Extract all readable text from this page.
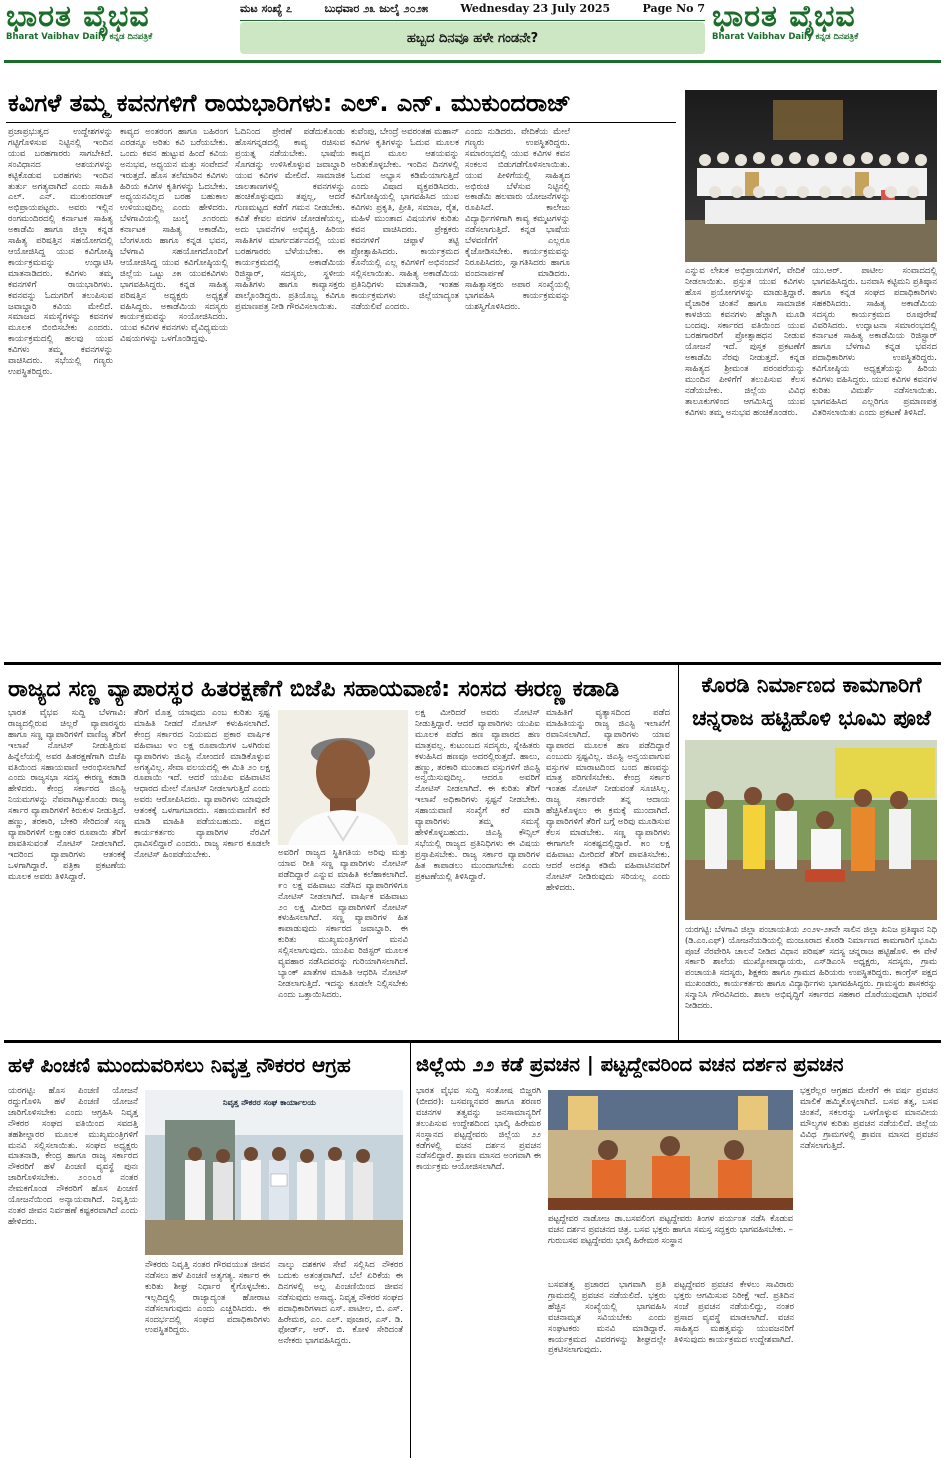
ಭಾರತ ವೈಭವ
Bharat Vaibhav Daily ಕನ್ನಡ ದಿನಪತ್ರಿಕೆ
ಭಾರತ ವೈಭವ
Bharat Vaibhav Daily ಕನ್ನಡ ದಿನಪತ್ರಿಕೆ
ಮಟ ಸಂಖ್ಯೆ ೭	ಬುಧವಾರ ೨೩ ಜುಲೈ ೨೦೨೫	Wednesday 23 July 2025	Page No 7
ಹಬ್ಬದ ದಿನವೂ ಹಳೇ ಗಂಡನೇ?
ಕವಿಗಳೆ ತಮ್ಮ ಕವನಗಳಿಗೆ ರಾಯಭಾರಿಗಳು: ಎಲ್. ಎನ್. ಮುಕುಂದರಾಜ್
ಪ್ರಜಾಪ್ರಭುತ್ವದ ಉದ್ದೇಶಗಳನ್ನು ಗಟ್ಟಿಗೊಳಿಸುವ ನಿಟ್ಟಿನಲ್ಲಿ ಇಂದಿನ ಯುವ ಬರಹಗಾರರು ಸಾಗಬೇಕಿದೆ. ಸಂವಿಧಾನದ ಆಶಯಗಳನ್ನು ಕಟ್ಟಿಕೊಡುವ ಬರಹಗಳು ಇಂದಿನ ತುರ್ತು ಅಗತ್ಯವಾಗಿದೆ ಎಂದು ಸಾಹಿತಿ ಎಲ್. ಎನ್. ಮುಕುಂದರಾಜ್ ಅಭಿಪ್ರಾಯಪಟ್ಟರು. ಅವರು ಇಲ್ಲಿನ ರಂಗಮಂದಿರದಲ್ಲಿ ಕರ್ನಾಟಕ ಸಾಹಿತ್ಯ ಅಕಾಡೆಮಿ ಹಾಗೂ ಜಿಲ್ಲಾ ಕನ್ನಡ ಸಾಹಿತ್ಯ ಪರಿಷತ್ತಿನ ಸಹಯೋಗದಲ್ಲಿ ಆಯೋಜಿಸಿದ್ದ ಯುವ ಕವಿಗೋಷ್ಠಿ ಕಾರ್ಯಕ್ರಮವನ್ನು ಉದ್ಘಾಟಿಸಿ ಮಾತನಾಡಿದರು. ಕವಿಗಳು ತಮ್ಮ ಕವನಗಳಿಗೆ ರಾಯಭಾರಿಗಳು. ಕವನವನ್ನು ಓದುಗರಿಗೆ ತಲುಪಿಸುವ ಜವಾಬ್ದಾರಿ ಕವಿಯ ಮೇಲಿದೆ. ಸಮಾಜದ ಸಮಸ್ಯೆಗಳನ್ನು ಕವನಗಳ ಮೂಲಕ ಬಿಂಬಿಸಬೇಕು ಎಂದರು. ಕಾರ್ಯಕ್ರಮದಲ್ಲಿ ಹಲವು ಯುವ ಕವಿಗಳು ತಮ್ಮ ಕವನಗಳನ್ನು ವಾಚಿಸಿದರು. ಸಭೆಯಲ್ಲಿ ಗಣ್ಯರು ಉಪಸ್ಥಿತರಿದ್ದರು.
ಕಾವ್ಯದ ಅಂತರಂಗ ಹಾಗೂ ಬಹಿರಂಗ ಎರಡನ್ನೂ ಅರಿತು ಕವಿ ಬರೆಯಬೇಕು. ಒಂದು ಕವನ ಹುಟ್ಟುವ ಹಿಂದೆ ಕವಿಯ ಅನುಭವ, ಅಧ್ಯಯನ ಮತ್ತು ಸಂವೇದನೆ ಇರುತ್ತದೆ. ಹೊಸ ತಲೆಮಾರಿನ ಕವಿಗಳು ಹಿರಿಯ ಕವಿಗಳ ಕೃತಿಗಳನ್ನು ಓದಬೇಕು. ಅಧ್ಯಯನವಿಲ್ಲದ ಬರಹ ಬಹುಕಾಲ ಉಳಿಯುವುದಿಲ್ಲ ಎಂದು ಹೇಳಿದರು. ಬೆಳಗಾವಿಯಲ್ಲಿ ಜುಲೈ ೨೧ರಂದು ಕರ್ನಾಟಕ ಸಾಹಿತ್ಯ ಅಕಾಡೆಮಿ, ಬೆಂಗಳೂರು ಹಾಗೂ ಕನ್ನಡ ಭವನ, ಬೆಳಗಾವಿ ಸಹಯೋಗದೊಂದಿಗೆ ಆಯೋಜಿಸಿದ್ದ ಯುವ ಕವಿಗೋಷ್ಠಿಯಲ್ಲಿ ಜಿಲ್ಲೆಯ ಒಟ್ಟು ೨೫ ಯುವಕವಿಗಳು ಭಾಗವಹಿಸಿದ್ದರು. ಕನ್ನಡ ಸಾಹಿತ್ಯ ಪರಿಷತ್ತಿನ ಅಧ್ಯಕ್ಷರು ಅಧ್ಯಕ್ಷತೆ ವಹಿಸಿದ್ದರು. ಅಕಾಡೆಮಿಯ ಸದಸ್ಯರು ಕಾರ್ಯಕ್ರಮವನ್ನು ಸಂಯೋಜಿಸಿದರು. ಯುವ ಕವಿಗಳ ಕವನಗಳು ವೈವಿಧ್ಯಮಯ ವಿಷಯಗಳನ್ನು ಒಳಗೊಂಡಿದ್ದವು.
ಓದಿನಿಂದ ಪ್ರೇರಣೆ ಪಡೆದುಕೊಂಡು ಹೊಸಗನ್ನಡದಲ್ಲಿ ಕಾವ್ಯ ರಚಿಸುವ ಪ್ರಯತ್ನ ನಡೆಯಬೇಕು. ಭಾಷೆಯ ಸೊಗಡನ್ನು ಉಳಿಸಿಕೊಳ್ಳುವ ಜವಾಬ್ದಾರಿ ಯುವ ಕವಿಗಳ ಮೇಲಿದೆ. ಸಾಮಾಜಿಕ ಜಾಲತಾಣಗಳಲ್ಲಿ ಕವನಗಳನ್ನು ಹಂಚಿಕೊಳ್ಳುವುದು ತಪ್ಪಲ್ಲ, ಆದರೆ ಗುಣಮಟ್ಟದ ಕಡೆಗೆ ಗಮನ ನೀಡಬೇಕು. ಕವಿತೆ ಕೇವಲ ಪದಗಳ ಜೋಡಣೆಯಲ್ಲ, ಅದು ಭಾವನೆಗಳ ಅಭಿವ್ಯಕ್ತಿ. ಹಿರಿಯ ಸಾಹಿತಿಗಳ ಮಾರ್ಗದರ್ಶನದಲ್ಲಿ ಯುವ ಬರಹಗಾರರು ಬೆಳೆಯಬೇಕು. ಈ ಕಾರ್ಯಕ್ರಮದಲ್ಲಿ ಅಕಾಡೆಮಿಯ ರಿಜಿಸ್ಟ್ರಾರ್, ಸದಸ್ಯರು, ಸ್ಥಳೀಯ ಸಾಹಿತಿಗಳು ಹಾಗೂ ಕಾವ್ಯಾಸಕ್ತರು ಪಾಲ್ಗೊಂಡಿದ್ದರು. ಪ್ರತಿಯೊಬ್ಬ ಕವಿಗೂ ಪ್ರಮಾಣಪತ್ರ ನೀಡಿ ಗೌರವಿಸಲಾಯಿತು.
ಕುವೆಂಪು, ಬೇಂದ್ರೆ ಅವರಂತಹ ಮಹಾನ್ ಕವಿಗಳ ಕೃತಿಗಳನ್ನು ಓದುವ ಮೂಲಕ ಕಾವ್ಯದ ಮೂಲ ಆಶಯವನ್ನು ಅರಿತುಕೊಳ್ಳಬೇಕು. ಇಂದಿನ ದಿನಗಳಲ್ಲಿ ಓದುವ ಅಭ್ಯಾಸ ಕಡಿಮೆಯಾಗುತ್ತಿದೆ ಎಂದು ವಿಷಾದ ವ್ಯಕ್ತಪಡಿಸಿದರು. ಕವಿಗೋಷ್ಠಿಯಲ್ಲಿ ಭಾಗವಹಿಸಿದ ಯುವ ಕವಿಗಳು ಪ್ರಕೃತಿ, ಪ್ರೀತಿ, ಸಮಾಜ, ರೈತ, ಮಹಿಳೆ ಮುಂತಾದ ವಿಷಯಗಳ ಕುರಿತು ಕವನ ವಾಚಿಸಿದರು. ಪ್ರೇಕ್ಷಕರು ಕವನಗಳಿಗೆ ಚಪ್ಪಾಳೆ ತಟ್ಟಿ ಪ್ರೋತ್ಸಾಹಿಸಿದರು. ಕಾರ್ಯಕ್ರಮದ ಕೊನೆಯಲ್ಲಿ ಎಲ್ಲ ಕವಿಗಳಿಗೆ ಅಭಿನಂದನೆ ಸಲ್ಲಿಸಲಾಯಿತು. ಸಾಹಿತ್ಯ ಅಕಾಡೆಮಿಯ ಪ್ರತಿನಿಧಿಗಳು ಮಾತನಾಡಿ, ಇಂತಹ ಕಾರ್ಯಕ್ರಮಗಳು ಜಿಲ್ಲೆಯಾದ್ಯಂತ ನಡೆಯಲಿವೆ ಎಂದರು.
ಎಂದು ನುಡಿದರು. ವೇದಿಕೆಯ ಮೇಲೆ ಗಣ್ಯರು ಉಪಸ್ಥಿತರಿದ್ದರು. ಸಮಾರಂಭದಲ್ಲಿ ಯುವ ಕವಿಗಳ ಕವನ ಸಂಕಲನ ಬಿಡುಗಡೆಗೊಳಿಸಲಾಯಿತು. ಯುವ ಪೀಳಿಗೆಯಲ್ಲಿ ಸಾಹಿತ್ಯದ ಅಭಿರುಚಿ ಬೆಳೆಸುವ ನಿಟ್ಟಿನಲ್ಲಿ ಅಕಾಡೆಮಿ ಹಲವಾರು ಯೋಜನೆಗಳನ್ನು ರೂಪಿಸಿದೆ. ಕಾಲೇಜು ವಿದ್ಯಾರ್ಥಿಗಳಿಗಾಗಿ ಕಾವ್ಯ ಕಮ್ಮಟಗಳನ್ನು ನಡೆಸಲಾಗುತ್ತಿದೆ. ಕನ್ನಡ ಭಾಷೆಯ ಬೆಳವಣಿಗೆಗೆ ಎಲ್ಲರೂ ಕೈಜೋಡಿಸಬೇಕು. ಕಾರ್ಯಕ್ರಮವನ್ನು ನಿರೂಪಿಸಿದರು, ಸ್ವಾಗತಿಸಿದರು ಹಾಗೂ ವಂದನಾರ್ಪಣೆ ಮಾಡಿದರು. ಸಾಹಿತ್ಯಾಸಕ್ತರು ಅಪಾರ ಸಂಖ್ಯೆಯಲ್ಲಿ ಭಾಗವಹಿಸಿ ಕಾರ್ಯಕ್ರಮವನ್ನು ಯಶಸ್ವಿಗೊಳಿಸಿದರು.
ಎನ್ನುವ ಲೇಖಕ ಅಭಿಪ್ರಾಯಗಳಿಗೆ, ವೇದಿಕೆ ನೀಡಲಾಯಿತು. ಪ್ರಸ್ತುತ ಯುವ ಕವಿಗಳು ಹೊಸ ಪ್ರಯೋಗಗಳನ್ನು ಮಾಡುತ್ತಿದ್ದಾರೆ. ವೈಚಾರಿಕ ಚಿಂತನೆ ಹಾಗೂ ಸಾಮಾಜಿಕ ಕಾಳಜಿಯ ಕವನಗಳು ಹೆಚ್ಚಾಗಿ ಮೂಡಿ ಬಂದವು. ಸರ್ಕಾರದ ವತಿಯಿಂದ ಯುವ ಬರಹಗಾರರಿಗೆ ಪ್ರೋತ್ಸಾಹಧನ ನೀಡುವ ಯೋಜನೆ ಇದೆ. ಪುಸ್ತಕ ಪ್ರಕಟಣೆಗೆ ಅಕಾಡೆಮಿ ನೆರವು ನೀಡುತ್ತದೆ. ಕನ್ನಡ ಸಾಹಿತ್ಯದ ಶ್ರೀಮಂತ ಪರಂಪರೆಯನ್ನು ಮುಂದಿನ ಪೀಳಿಗೆಗೆ ತಲುಪಿಸುವ ಕೆಲಸ ನಡೆಯಬೇಕು. ಜಿಲ್ಲೆಯ ವಿವಿಧ ತಾಲೂಕುಗಳಿಂದ ಆಗಮಿಸಿದ್ದ ಯುವ ಕವಿಗಳು ತಮ್ಮ ಅನುಭವ ಹಂಚಿಕೊಂಡರು.
ಯು.ಆರ್. ಪಾಟೀಲ ಸಂವಾದದಲ್ಲಿ ಭಾಗವಹಿಸಿದ್ದರು. ಬನವಾಸಿ ಕಟ್ಟಿಮನಿ ಪ್ರತಿಷ್ಠಾನ ಹಾಗೂ ಕನ್ನಡ ಸಂಘದ ಪದಾಧಿಕಾರಿಗಳು ಸಹಕರಿಸಿದರು. ಸಾಹಿತ್ಯ ಅಕಾಡೆಮಿಯ ಸದಸ್ಯರು ಕಾರ್ಯಕ್ರಮದ ರೂಪುರೇಷೆ ವಿವರಿಸಿದರು. ಉದ್ಘಾಟನಾ ಸಮಾರಂಭದಲ್ಲಿ ಕರ್ನಾಟಕ ಸಾಹಿತ್ಯ ಅಕಾಡೆಮಿಯ ರಿಜಿಸ್ಟ್ರಾರ್ ಹಾಗೂ ಬೆಳಗಾವಿ ಕನ್ನಡ ಭವನದ ಪದಾಧಿಕಾರಿಗಳು ಉಪಸ್ಥಿತರಿದ್ದರು. ಕವಿಗೋಷ್ಠಿಯ ಅಧ್ಯಕ್ಷತೆಯನ್ನು ಹಿರಿಯ ಕವಿಗಳು ವಹಿಸಿದ್ದರು. ಯುವ ಕವಿಗಳ ಕವನಗಳ ಕುರಿತು ವಿಮರ್ಶೆ ನಡೆಸಲಾಯಿತು. ಭಾಗವಹಿಸಿದ ಎಲ್ಲರಿಗೂ ಪ್ರಮಾಣಪತ್ರ ವಿತರಿಸಲಾಯಿತು ಎಂದು ಪ್ರಕಟಣೆ ತಿಳಿಸಿದೆ.
ರಾಜ್ಯದ ಸಣ್ಣ ವ್ಯಾಪಾರಸ್ಥರ ಹಿತರಕ್ಷಣೆಗೆ ಬಿಜೆಪಿ ಸಹಾಯವಾಣಿ: ಸಂಸದ ಈರಣ್ಣ ಕಡಾಡಿ
ಭಾರತ ವೈಭವ ಸುದ್ದಿ ಬೆಳಗಾವಿ: ರಾಜ್ಯದಲ್ಲಿರುವ ಚಿಲ್ಲರೆ ವ್ಯಾಪಾರಸ್ಥರು ಹಾಗೂ ಸಣ್ಣ ವ್ಯಾಪಾರಿಗಳಿಗೆ ವಾಣಿಜ್ಯ ತೆರಿಗೆ ಇಲಾಖೆ ನೋಟಿಸ್ ನೀಡುತ್ತಿರುವ ಹಿನ್ನೆಲೆಯಲ್ಲಿ ಅವರ ಹಿತರಕ್ಷಣೆಗಾಗಿ ಬಿಜೆಪಿ ವತಿಯಿಂದ ಸಹಾಯವಾಣಿ ಆರಂಭಿಸಲಾಗಿದೆ ಎಂದು ರಾಜ್ಯಸಭಾ ಸದಸ್ಯ ಈರಣ್ಣ ಕಡಾಡಿ ಹೇಳಿದರು. ಕೇಂದ್ರ ಸರ್ಕಾರದ ಜಿಎಸ್ಟಿ ನಿಯಮಗಳನ್ನು ನೆಪವಾಗಿಟ್ಟುಕೊಂಡು ರಾಜ್ಯ ಸರ್ಕಾರ ವ್ಯಾಪಾರಿಗಳಿಗೆ ಕಿರುಕುಳ ನೀಡುತ್ತಿದೆ. ಹಣ್ಣು, ತರಕಾರಿ, ಬೇಕರಿ ಸೇರಿದಂತೆ ಸಣ್ಣ ವ್ಯಾಪಾರಿಗಳಿಗೆ ಲಕ್ಷಾಂತರ ರೂಪಾಯಿ ತೆರಿಗೆ ಪಾವತಿಸುವಂತೆ ನೋಟಿಸ್ ನೀಡಲಾಗಿದೆ. ಇದರಿಂದ ವ್ಯಾಪಾರಿಗಳು ಆತಂಕಕ್ಕೆ ಒಳಗಾಗಿದ್ದಾರೆ. ಪತ್ರಿಕಾ ಪ್ರಕಟಣೆಯ ಮೂಲಕ ಅವರು ತಿಳಿಸಿದ್ದಾರೆ.
ತೆರಿಗೆ ಮೊತ್ತ ಯಾವುದು ಎಂಬ ಕುರಿತು ಸ್ಪಷ್ಟ ಮಾಹಿತಿ ನೀಡದೆ ನೋಟಿಸ್ ಕಳುಹಿಸಲಾಗಿದೆ. ಕೇಂದ್ರ ಸರ್ಕಾರದ ನಿಯಮದ ಪ್ರಕಾರ ವಾರ್ಷಿಕ ವಹಿವಾಟು ೪೦ ಲಕ್ಷ ರೂಪಾಯಿಗಳ ಒಳಗಿರುವ ವ್ಯಾಪಾರಿಗಳು ಜಿಎಸ್ಟಿ ನೋಂದಣಿ ಮಾಡಿಕೊಳ್ಳುವ ಅಗತ್ಯವಿಲ್ಲ. ಸೇವಾ ವಲಯದಲ್ಲಿ ಈ ಮಿತಿ ೨೦ ಲಕ್ಷ ರೂಪಾಯಿ ಇದೆ. ಆದರೆ ಯುಪಿಐ ವಹಿವಾಟಿನ ಆಧಾರದ ಮೇಲೆ ನೋಟಿಸ್ ನೀಡಲಾಗುತ್ತಿದೆ ಎಂದು ಅವರು ಆರೋಪಿಸಿದರು. ವ್ಯಾಪಾರಿಗಳು ಯಾವುದೇ ಆತಂಕಕ್ಕೆ ಒಳಗಾಗಬಾರದು. ಸಹಾಯವಾಣಿಗೆ ಕರೆ ಮಾಡಿ ಮಾಹಿತಿ ಪಡೆಯಬಹುದು. ಪಕ್ಷದ ಕಾರ್ಯಕರ್ತರು ವ್ಯಾಪಾರಿಗಳ ನೆರವಿಗೆ ಧಾವಿಸಲಿದ್ದಾರೆ ಎಂದರು. ರಾಜ್ಯ ಸರ್ಕಾರ ಕೂಡಲೇ ನೋಟಿಸ್ ಹಿಂಪಡೆಯಬೇಕು.	ಅವರಿಗೆ ರಾಜ್ಯದ ಸ್ಥಿತಿಗತಿಯ ಅರಿವು ಮತ್ತು ಯಾವ ರೀತಿ ಸಣ್ಣ ವ್ಯಾಪಾರಿಗಳು ನೋಟಿಸ್ ಪಡೆದಿದ್ದಾರೆ ಎನ್ನುವ ಮಾಹಿತಿ ಕಲೆಹಾಕಲಾಗಿದೆ. ೯೦ ಲಕ್ಷ ವಹಿವಾಟು ನಡೆಸಿದ ವ್ಯಾಪಾರಿಗಳಿಗೂ ನೋಟಿಸ್ ನೀಡಲಾಗಿದೆ. ವಾರ್ಷಿಕ ವಹಿವಾಟು ೨೦ ಲಕ್ಷ ಮೀರಿದ ವ್ಯಾಪಾರಿಗಳಿಗೆ ನೋಟಿಸ್ ಕಳುಹಿಸಲಾಗಿದೆ. ಸಣ್ಣ ವ್ಯಾಪಾರಿಗಳ ಹಿತ ಕಾಪಾಡುವುದು ಸರ್ಕಾರದ ಜವಾಬ್ದಾರಿ. ಈ ಕುರಿತು ಮುಖ್ಯಮಂತ್ರಿಗಳಿಗೆ ಮನವಿ ಸಲ್ಲಿಸಲಾಗುವುದು. ಯುಪಿಐ ರಿಜಿಸ್ಟರ್ ಮೂಲಕ ವ್ಯವಹಾರ ನಡೆಸಿದವರನ್ನು ಗುರಿಯಾಗಿಸಲಾಗಿದೆ. ಬ್ಯಾಂಕ್ ಖಾತೆಗಳ ಮಾಹಿತಿ ಆಧರಿಸಿ ನೋಟಿಸ್ ನೀಡಲಾಗುತ್ತಿದೆ. ಇದನ್ನು ಕೂಡಲೇ ನಿಲ್ಲಿಸಬೇಕು ಎಂದು ಒತ್ತಾಯಿಸಿದರು.
ಲಕ್ಷ ಮೀರಿದರೆ ಅವರು ನೋಟಿಸ್ ನೀಡುತ್ತಿದ್ದಾರೆ. ಆದರೆ ವ್ಯಾಪಾರಿಗಳು ಯುಪಿಐ ಮೂಲಕ ಪಡೆದ ಹಣ ವ್ಯಾಪಾರದ ಹಣ ಮಾತ್ರವಲ್ಲ. ಕುಟುಂಬದ ಸದಸ್ಯರು, ಸ್ನೇಹಿತರು ಕಳುಹಿಸಿದ ಹಣವೂ ಅದರಲ್ಲಿರುತ್ತದೆ. ಹಾಲು, ಹಣ್ಣು, ತರಕಾರಿ ಮುಂತಾದ ವಸ್ತುಗಳಿಗೆ ಜಿಎಸ್ಟಿ ಅನ್ವಯಿಸುವುದಿಲ್ಲ. ಆದರೂ ಅವರಿಗೆ ನೋಟಿಸ್ ನೀಡಲಾಗಿದೆ. ಈ ಕುರಿತು ತೆರಿಗೆ ಇಲಾಖೆ ಅಧಿಕಾರಿಗಳು ಸ್ಪಷ್ಟನೆ ನೀಡಬೇಕು. ಸಹಾಯವಾಣಿ ಸಂಖ್ಯೆಗೆ ಕರೆ ಮಾಡಿ ವ್ಯಾಪಾರಿಗಳು ತಮ್ಮ ಸಮಸ್ಯೆ ಹೇಳಿಕೊಳ್ಳಬಹುದು. ಜಿಎಸ್ಟಿ ಕೌನ್ಸಿಲ್ ಸಭೆಯಲ್ಲಿ ರಾಜ್ಯದ ಪ್ರತಿನಿಧಿಗಳು ಈ ವಿಷಯ ಪ್ರಸ್ತಾಪಿಸಬೇಕು. ರಾಜ್ಯ ಸರ್ಕಾರ ವ್ಯಾಪಾರಿಗಳ ಹಿತ ಕಾಪಾಡಲು ಮುಂದಾಗಬೇಕು ಎಂದು ಪ್ರಕಟಣೆಯಲ್ಲಿ ತಿಳಿಸಿದ್ದಾರೆ.
ಮಾಹಿತಿಗೆ ವ್ಯತ್ಯಾಸದಿಂದ ಪಡೆದ ಮಾಹಿತಿಯನ್ನು ರಾಜ್ಯ ಜಿಎಸ್ಟಿ ಇಲಾಖೆಗೆ ರವಾನಿಸಲಾಗಿದೆ. ವ್ಯಾಪಾರಿಗಳು ಯಾವ ವ್ಯಾಪಾರದ ಮೂಲಕ ಹಣ ಪಡೆದಿದ್ದಾರೆ ಎಂಬುದು ಸ್ಪಷ್ಟವಿಲ್ಲ. ಜಿಎಸ್ಟಿ ಅನ್ವಯವಾಗುವ ವಸ್ತುಗಳ ಮಾರಾಟದಿಂದ ಬಂದ ಹಣವನ್ನು ಮಾತ್ರ ಪರಿಗಣಿಸಬೇಕು. ಕೇಂದ್ರ ಸರ್ಕಾರ ಇಂತಹ ನೋಟಿಸ್ ನೀಡುವಂತೆ ಸೂಚಿಸಿಲ್ಲ. ರಾಜ್ಯ ಸರ್ಕಾರವೇ ತನ್ನ ಆದಾಯ ಹೆಚ್ಚಿಸಿಕೊಳ್ಳಲು ಈ ಕ್ರಮಕ್ಕೆ ಮುಂದಾಗಿದೆ. ವ್ಯಾಪಾರಿಗಳಿಗೆ ತೆರಿಗೆ ಬಗ್ಗೆ ಅರಿವು ಮೂಡಿಸುವ ಕೆಲಸ ಮಾಡಬೇಕು. ಸಣ್ಣ ವ್ಯಾಪಾರಿಗಳು ಈಗಾಗಲೇ ಸಂಕಷ್ಟದಲ್ಲಿದ್ದಾರೆ. ೫೦ ಲಕ್ಷ ವಹಿವಾಟು ಮೀರಿದರೆ ತೆರಿಗೆ ಪಾವತಿಸಬೇಕು. ಆದರೆ ಅದಕ್ಕೂ ಕಡಿಮೆ ವಹಿವಾಟಿನವರಿಗೆ ನೋಟಿಸ್ ನೀಡಿರುವುದು ಸರಿಯಲ್ಲ ಎಂದು ಹೇಳಿದರು.
ಕೊರಡಿ ನಿರ್ಮಾಣದ ಕಾಮಗಾರಿಗೆ
ಚನ್ನರಾಜ ಹಟ್ಟಿಹೊಳಿ ಭೂಮಿ ಪೂಜೆ
ಯರಗಟ್ಟಿ: ಬೆಳಗಾವಿ ಜಿಲ್ಲಾ ಪಂಚಾಯತಿಯ ೨೦೨೪-೨೫ನೇ ಸಾಲಿನ ಜಿಲ್ಲಾ ಖನಿಜ ಪ್ರತಿಷ್ಠಾನ ನಿಧಿ (ಡಿ.ಎಂ.ಎಫ್) ಯೋಜನೆಯಡಿಯಲ್ಲಿ ಮಂಜೂರಾದ ಕೊಠಡಿ ನಿರ್ಮಾಣದ ಕಾಮಗಾರಿಗೆ ಭೂಮಿ ಪೂಜೆ ನೆರವೇರಿಸಿ ಚಾಲನೆ ನೀಡಿದ ವಿಧಾನ ಪರಿಷತ್ ಸದಸ್ಯ ಚನ್ನರಾಜ ಹಟ್ಟಿಹೊಳಿ. ಈ ವೇಳೆ ಸರ್ಕಾರಿ ಶಾಲೆಯ ಮುಖ್ಯೋಪಾಧ್ಯಾಯರು, ಎಸ್‌ಡಿಎಂಸಿ ಅಧ್ಯಕ್ಷರು, ಸದಸ್ಯರು, ಗ್ರಾಮ ಪಂಚಾಯತಿ ಸದಸ್ಯರು, ಶಿಕ್ಷಕರು ಹಾಗೂ ಗ್ರಾಮದ ಹಿರಿಯರು ಉಪಸ್ಥಿತರಿದ್ದರು. ಕಾಂಗ್ರೆಸ್ ಪಕ್ಷದ ಮುಖಂಡರು, ಕಾರ್ಯಕರ್ತರು ಹಾಗೂ ವಿದ್ಯಾರ್ಥಿಗಳು ಭಾಗವಹಿಸಿದ್ದರು. ಗ್ರಾಮಸ್ಥರು ಶಾಸಕರನ್ನು ಸನ್ಮಾನಿಸಿ ಗೌರವಿಸಿದರು. ಶಾಲಾ ಅಭಿವೃದ್ಧಿಗೆ ಸರ್ಕಾರದ ಸಹಕಾರ ದೊರೆಯುವುದಾಗಿ ಭರವಸೆ ನೀಡಿದರು.
ಹಳೆ ಪಿಂಚಣಿ ಮುಂದುವರಿಸಲು ನಿವೃತ್ತ ನೌಕರರ ಆಗ್ರಹ
ಯರಗಟ್ಟಿ: ಹೊಸ ಪಿಂಚಣಿ ಯೋಜನೆ ರದ್ದುಗೊಳಿಸಿ ಹಳೆ ಪಿಂಚಣಿ ಯೋಜನೆ ಜಾರಿಗೊಳಿಸಬೇಕು ಎಂದು ಆಗ್ರಹಿಸಿ ನಿವೃತ್ತ ನೌಕರರ ಸಂಘದ ವತಿಯಿಂದ ಸವದತ್ತಿ ತಹಶೀಲ್ದಾರರ ಮೂಲಕ ಮುಖ್ಯಮಂತ್ರಿಗಳಿಗೆ ಮನವಿ ಸಲ್ಲಿಸಲಾಯಿತು. ಸಂಘದ ಅಧ್ಯಕ್ಷರು ಮಾತನಾಡಿ, ಕೇಂದ್ರ ಹಾಗೂ ರಾಜ್ಯ ಸರ್ಕಾರದ ನೌಕರರಿಗೆ ಹಳೆ ಪಿಂಚಣಿ ವ್ಯವಸ್ಥೆ ಪುನಃ ಜಾರಿಗೊಳಿಸಬೇಕು. ೨೦೦೬ರ ನಂತರ ನೇಮಕಗೊಂಡ ನೌಕರರಿಗೆ ಹೊಸ ಪಿಂಚಣಿ ಯೋಜನೆಯಿಂದ ಅನ್ಯಾಯವಾಗಿದೆ. ನಿವೃತ್ತಿಯ ನಂತರ ಜೀವನ ನಿರ್ವಹಣೆ ಕಷ್ಟಕರವಾಗಿದೆ ಎಂದು ಹೇಳಿದರು.
ನಿವೃತ್ತ ನೌಕರರ ಸಂಘ ಕಾರ್ಯಾಲಯ
ನೌಕರರು ನಿವೃತ್ತಿ ನಂತರ ಗೌರವಯುತ ಜೀವನ ನಡೆಸಲು ಹಳೆ ಪಿಂಚಣಿ ಅತ್ಯಗತ್ಯ. ಸರ್ಕಾರ ಈ ಕುರಿತು ಶೀಘ್ರ ನಿರ್ಧಾರ ಕೈಗೊಳ್ಳಬೇಕು. ಇಲ್ಲದಿದ್ದಲ್ಲಿ ರಾಜ್ಯಾದ್ಯಂತ ಹೋರಾಟ ನಡೆಸಲಾಗುವುದು ಎಂದು ಎಚ್ಚರಿಸಿದರು. ಈ ಸಂದರ್ಭದಲ್ಲಿ ಸಂಘದ ಪದಾಧಿಕಾರಿಗಳು ಉಪಸ್ಥಿತರಿದ್ದರು.
ನಾಲ್ಕು ದಶಕಗಳ ಸೇವೆ ಸಲ್ಲಿಸಿದ ನೌಕರರ ಬದುಕು ಅತಂತ್ರವಾಗಿದೆ. ಬೆಲೆ ಏರಿಕೆಯ ಈ ದಿನಗಳಲ್ಲಿ ಅಲ್ಪ ಪಿಂಚಣಿಯಿಂದ ಜೀವನ ನಡೆಸುವುದು ಅಸಾಧ್ಯ. ನಿವೃತ್ತ ನೌಕರರ ಸಂಘದ ಪದಾಧಿಕಾರಿಗಳಾದ ಎಸ್. ಪಾಟೀಲ, ಬಿ. ಎಸ್. ಹಿರೇಮಠ, ಎಂ. ಎಲ್. ಪೂಜಾರ, ಎಸ್. ಡಿ. ಫೋರ್ಡ್, ಆರ್. ಬಿ. ಕೋಳಿ ಸೇರಿದಂತೆ ಅನೇಕರು ಭಾಗವಹಿಸಿದ್ದರು.
ಜಿಲ್ಲೆಯ ೨೨ ಕಡೆ ಪ್ರವಚನ | ಪಟ್ಟದ್ದೇವರಿಂದ ವಚನ ದರ್ಶನ ಪ್ರವಚನ
ಭಾರತ ವೈಭವ ಸುದ್ದಿ ಸಂತೋಷ ಬಿಜ್ಜರಗಿ (ಬೀದರ): ಬಸವಣ್ಣನವರ ಹಾಗೂ ಶರಣರ ವಚನಗಳ ತತ್ವವನ್ನು ಜನಸಾಮಾನ್ಯರಿಗೆ ತಲುಪಿಸುವ ಉದ್ದೇಶದಿಂದ ಭಾಲ್ಕಿ ಹಿರೇಮಠ ಸಂಸ್ಥಾನದ ಪಟ್ಟದ್ದೇವರು ಜಿಲ್ಲೆಯ ೨೨ ಕಡೆಗಳಲ್ಲಿ ವಚನ ದರ್ಶನ ಪ್ರವಚನ ನಡೆಸಲಿದ್ದಾರೆ. ಶ್ರಾವಣ ಮಾಸದ ಅಂಗವಾಗಿ ಈ ಕಾರ್ಯಕ್ರಮ ಆಯೋಜಿಸಲಾಗಿದೆ.
ಪಟ್ಟದ್ದೇವರ ನಾಡೋಜ ಡಾ.ಬಸವಲಿಂಗ ಪಟ್ಟದ್ದೇವರು ತಿಂಗಳ ಪರ್ಯಂತ ನಡೆಸಿ ಕೊಡುವ ವಚನ ದರ್ಶನ ಪ್ರವಚನದ ಚಿತ್ರ. ಬಸವ ಭಕ್ತರು ಹಾಗೂ ಸಮಸ್ತ ಸದ್ಭಕ್ತರು ಭಾಗವಹಿಸಬೇಕು. – ಗುರುಬಸವ ಪಟ್ಟದ್ದೇವರು ಭಾಲ್ಕಿ ಹಿರೇಮಠ ಸಂಸ್ಥಾನ
ಬಸವತತ್ವ ಪ್ರಚಾರದ ಭಾಗವಾಗಿ ಪ್ರತಿ ಗ್ರಾಮದಲ್ಲಿ ಪ್ರವಚನ ನಡೆಯಲಿದೆ. ಭಕ್ತರು ಹೆಚ್ಚಿನ ಸಂಖ್ಯೆಯಲ್ಲಿ ಭಾಗವಹಿಸಿ ವಚನಾಮೃತ ಸವಿಯಬೇಕು ಎಂದು ಸಂಘಟಕರು ಮನವಿ ಮಾಡಿದ್ದಾರೆ. ಕಾರ್ಯಕ್ರಮದ ವಿವರಗಳನ್ನು ಶೀಘ್ರದಲ್ಲೇ ಪ್ರಕಟಿಸಲಾಗುವುದು.
ಪಟ್ಟದ್ದೇವರ ಪ್ರವಚನ ಕೇಳಲು ಸಾವಿರಾರು ಭಕ್ತರು ಆಗಮಿಸುವ ನಿರೀಕ್ಷೆ ಇದೆ. ಪ್ರತಿದಿನ ಸಂಜೆ ಪ್ರವಚನ ನಡೆಯಲಿದ್ದು, ನಂತರ ಪ್ರಸಾದ ವ್ಯವಸ್ಥೆ ಮಾಡಲಾಗಿದೆ. ವಚನ ಸಾಹಿತ್ಯದ ಮಹತ್ವವನ್ನು ಯುವಜನರಿಗೆ ತಿಳಿಸುವುದು ಕಾರ್ಯಕ್ರಮದ ಉದ್ದೇಶವಾಗಿದೆ.
ಭಕ್ತರೆಲ್ಲರ ಆಗ್ರಹದ ಮೇರೆಗೆ ಈ ವರ್ಷ ಪ್ರವಚನ ಮಾಲಿಕೆ ಹಮ್ಮಿಕೊಳ್ಳಲಾಗಿದೆ. ಬಸವ ತತ್ವ, ಬಸವ ಚಿಂತನೆ, ಸಕಲರನ್ನು ಒಳಗೊಳ್ಳುವ ಮಾನವೀಯ ಮೌಲ್ಯಗಳ ಕುರಿತು ಪ್ರವಚನ ನಡೆಯಲಿದೆ. ಜಿಲ್ಲೆಯ ವಿವಿಧ ಗ್ರಾಮಗಳಲ್ಲಿ ಶ್ರಾವಣ ಮಾಸದ ಪ್ರವಚನ ನಡೆಸಲಾಗುತ್ತಿದೆ.
